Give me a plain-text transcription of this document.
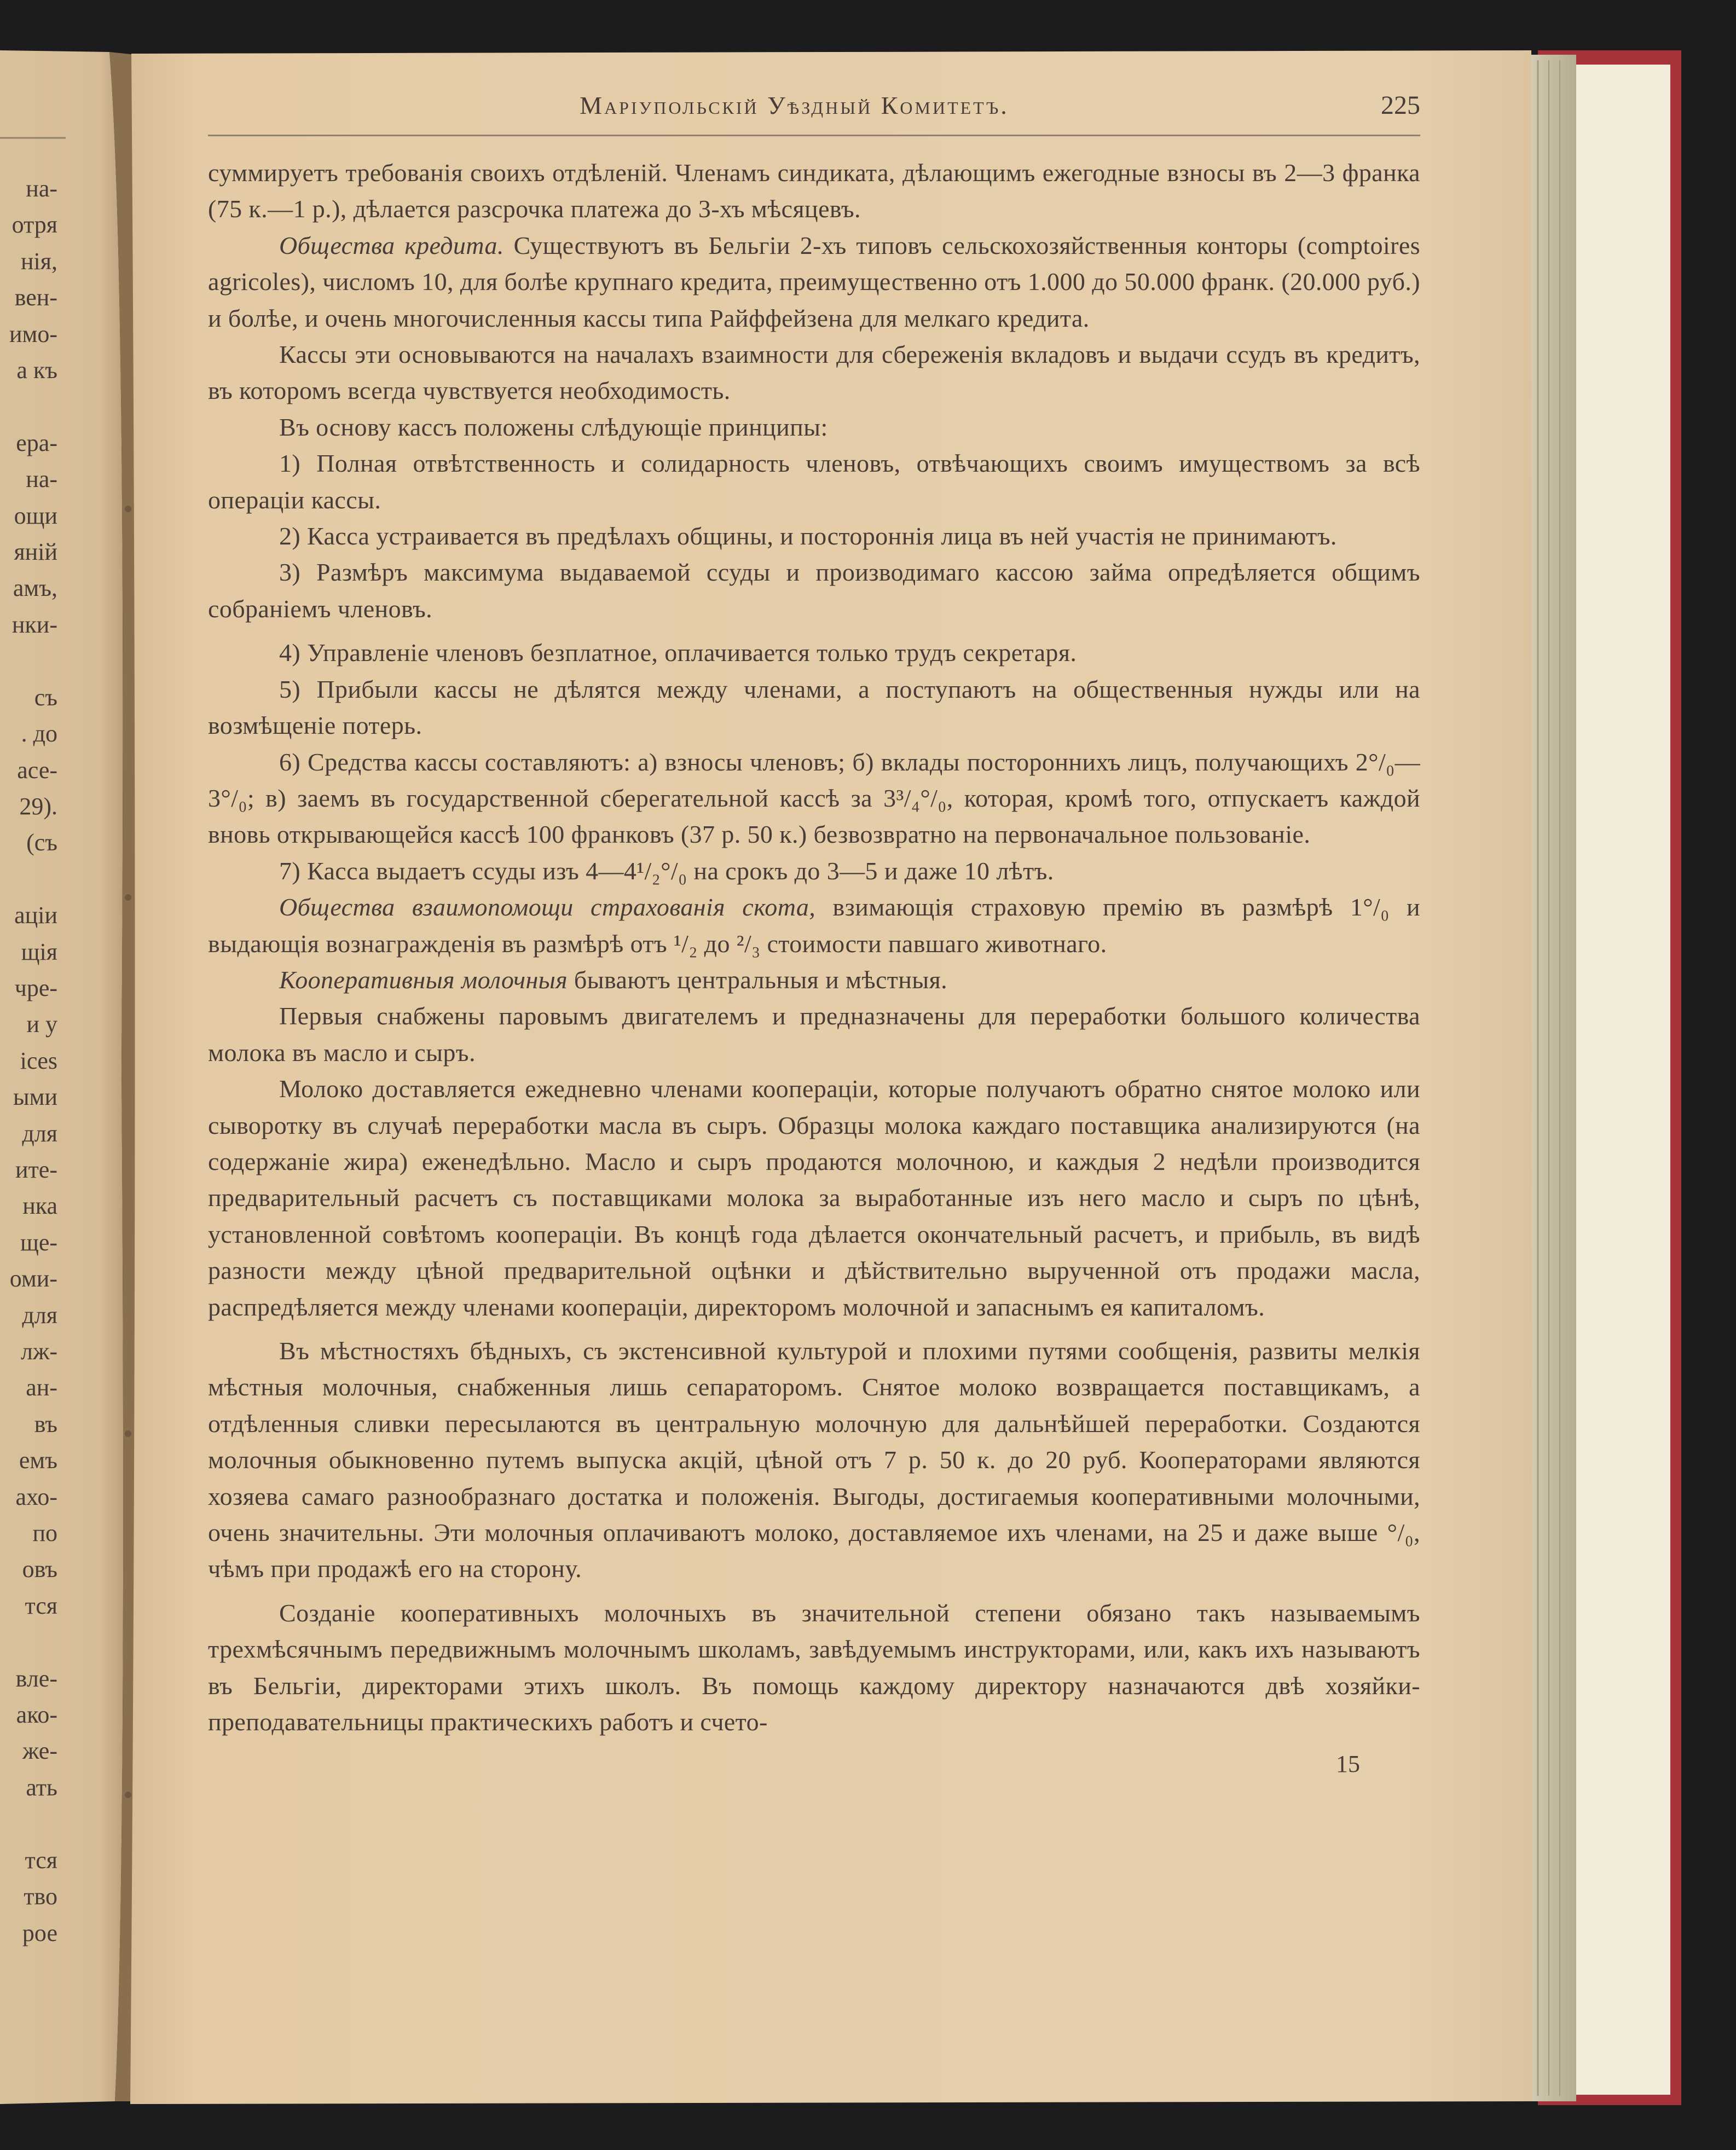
на-
отря
нія,
вен-
имо-
а къ

ера-
на-
ощи
яній
амъ,
нки-

съ
. до
асе-
29).
(съ

аціи
щія
чре-
и у
ices
ыми
для
ите-
нка
ще-
оми-
для
лж-
ан-
въ
емъ
ахо-
по
овъ
тся

вле-
ако-
же-
ать

тся
тво
рое
Маріупольскій Уѣздный Комитетъ.	225

суммируетъ требованія своихъ отдѣленій. Членамъ синдиката, дѣлающимъ ежегодные взносы въ 2—3 франка (75 к.—1 р.), дѣлается разсрочка платежа до 3-хъ мѣсяцевъ.

Общества кредита. Существуютъ въ Бельгіи 2-хъ типовъ сельскохозяйственныя конторы (comptoires agricoles), числомъ 10, для болѣе крупнаго кредита, преимущественно отъ 1.000 до 50.000 франк. (20.000 руб.) и болѣе, и очень многочисленныя кассы типа Райффейзена для мелкаго кредита.

Кассы эти основываются на началахъ взаимности для сбереженія вкладовъ и выдачи ссудъ въ кредитъ, въ которомъ всегда чувствуется необходимость.

Въ основу кассъ положены слѣдующіе принципы:

1) Полная отвѣтственность и солидарность членовъ, отвѣчающихъ своимъ имуществомъ за всѣ операціи кассы.

2) Касса устраивается въ предѣлахъ общины, и постороннія лица въ ней участія не принимаютъ.

3) Размѣръ максимума выдаваемой ссуды и производимаго кассою займа опредѣляется общимъ собраніемъ членовъ.

4) Управленіе членовъ безплатное, оплачивается только трудъ секретаря.

5) Прибыли кассы не дѣлятся между членами, а поступаютъ на общественныя нужды или на возмѣщеніе потерь.

6) Средства кассы составляютъ: а) взносы членовъ; б) вклады постороннихъ лицъ, получающихъ 2°/₀—3°/₀; в) заемъ въ государственной сберегательной кассѣ за 3³/₄°/₀, которая, кромѣ того, отпускаетъ каждой вновь открывающейся кассѣ 100 франковъ (37 р. 50 к.) безвозвратно на первоначальное пользованіе.

7) Касса выдаетъ ссуды изъ 4—4¹/₂°/₀ на срокъ до 3—5 и даже 10 лѣтъ.

Общества взаимопомощи страхованія скота, взимающія страховую премію въ размѣрѣ 1°/₀ и выдающія вознагражденія въ размѣрѣ отъ ¹/₂ до ²/₃ стоимости павшаго животнаго.

Кооперативныя молочныя бываютъ центральныя и мѣстныя.

Первыя снабжены паровымъ двигателемъ и предназначены для переработки большого количества молока въ масло и сыръ.

Молоко доставляется ежедневно членами коопераціи, которые получаютъ обратно снятое молоко или сыворотку въ случаѣ переработки масла въ сыръ. Образцы молока каждаго поставщика анализируются (на содержаніе жира) еженедѣльно. Масло и сыръ продаются молочною, и каждыя 2 недѣли производится предварительный расчетъ съ поставщиками молока за выработанные изъ него масло и сыръ по цѣнѣ, установленной совѣтомъ коопераціи. Въ концѣ года дѣлается окончательный расчетъ, и прибыль, въ видѣ разности между цѣной предварительной оцѣнки и дѣйствительно вырученной отъ продажи масла, распредѣляется между членами коопераціи, директоромъ молочной и запаснымъ ея капиталомъ.

Въ мѣстностяхъ бѣдныхъ, съ экстенсивной культурой и плохими путями сообщенія, развиты мелкія мѣстныя молочныя, снабженныя лишь сепараторомъ. Снятое молоко возвращается поставщикамъ, а отдѣленныя сливки пересылаются въ центральную молочную для дальнѣйшей переработки. Создаются молочныя обыкновенно путемъ выпуска акцій, цѣной отъ 7 р. 50 к. до 20 руб. Кооператорами являются хозяева самаго разнообразнаго достатка и положенія. Выгоды, достигаемыя кооперативными молочными, очень значительны. Эти молочныя оплачиваютъ молоко, доставляемое ихъ членами, на 25 и даже выше °/₀, чѣмъ при продажѣ его на сторону.

Созданіе кооперативныхъ молочныхъ въ значительной степени обязано такъ называемымъ трехмѣсячнымъ передвижнымъ молочнымъ школамъ, завѣдуемымъ инструкторами, или, какъ ихъ называютъ въ Бельгіи, директорами этихъ школъ. Въ помощь каждому директору назначаются двѣ хозяйки-преподавательницы практическихъ работъ и счето-

15
